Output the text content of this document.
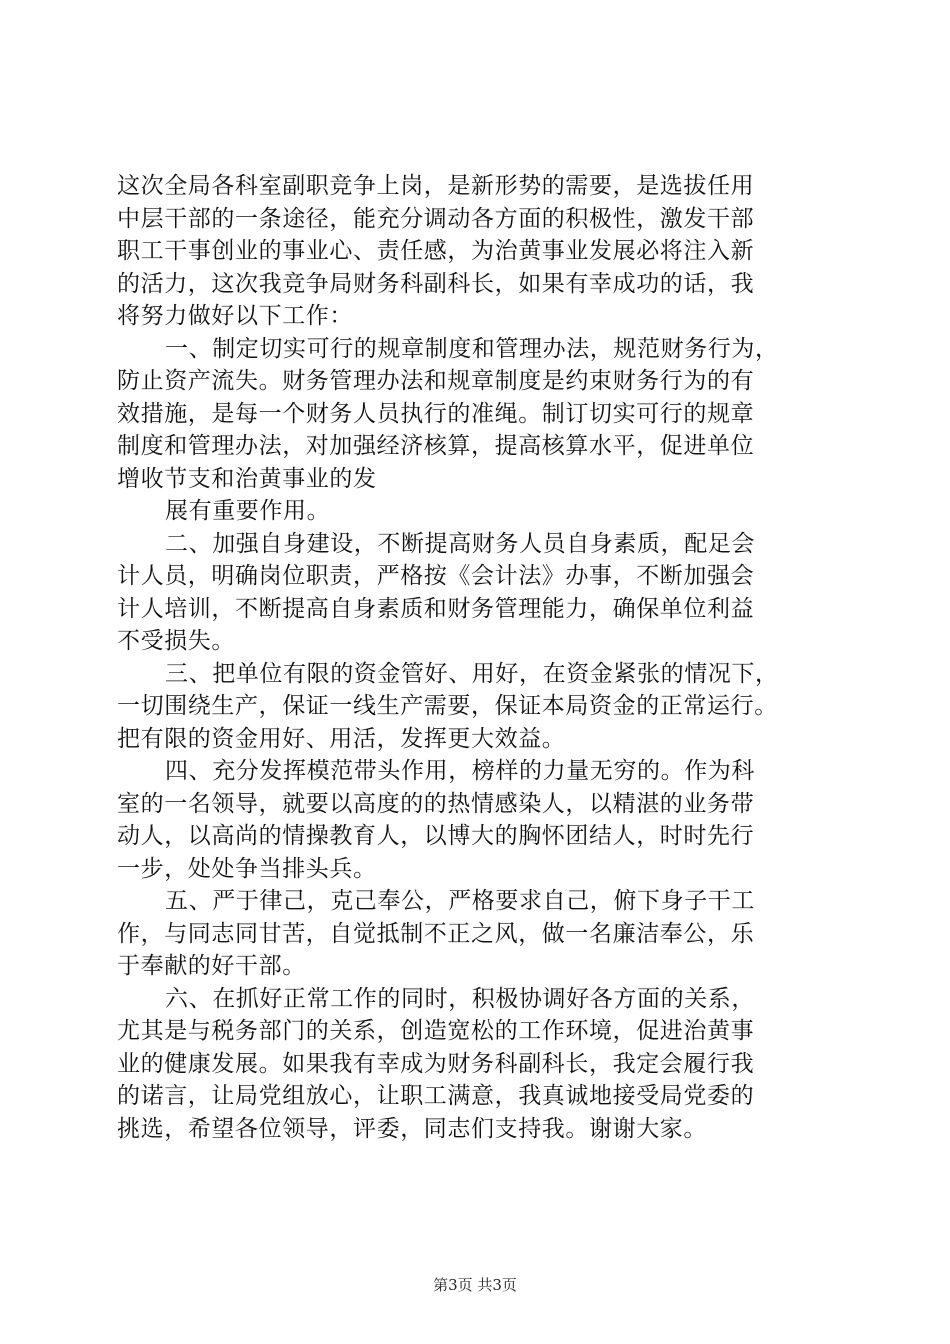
这次全局各科室副职竞争上岗，是新形势的需要，是选拔任用
中层干部的一条途径，能充分调动各方面的积极性，激发干部
职工干事创业的事业心、责任感，为治黄事业发展必将注入新
的活力，这次我竞争局财务科副科长，如果有幸成功的话，我
将努力做好以下工作：
一、制定切实可行的规章制度和管理办法，规范财务行为，
防止资产流失。财务管理办法和规章制度是约束财务行为的有
效措施，是每一个财务人员执行的准绳。制订切实可行的规章
制度和管理办法，对加强经济核算，提高核算水平，促进单位
增收节支和治黄事业的发
展有重要作用。
二、加强自身建设，不断提高财务人员自身素质，配足会
计人员，明确岗位职责，严格按《会计法》办事，不断加强会
计人培训，不断提高自身素质和财务管理能力，确保单位利益
不受损失。
三、把单位有限的资金管好、用好，在资金紧张的情况下，
一切围绕生产，保证一线生产需要，保证本局资金的正常运行。
把有限的资金用好、用活，发挥更大效益。
四、充分发挥模范带头作用，榜样的力量无穷的。作为科
室的一名领导，就要以高度的的热情感染人，以精湛的业务带
动人，以高尚的情操教育人，以博大的胸怀团结人，时时先行
一步，处处争当排头兵。
五、严于律己，克己奉公，严格要求自己，俯下身子干工
作，与同志同甘苦，自觉抵制不正之风，做一名廉洁奉公，乐
于奉献的好干部。
六、在抓好正常工作的同时，积极协调好各方面的关系，
尤其是与税务部门的关系，创造宽松的工作环境，促进治黄事
业的健康发展。如果我有幸成为财务科副科长，我定会履行我
的诺言，让局党组放心，让职工满意，我真诚地接受局党委的
挑选，希望各位领导，评委，同志们支持我。谢谢大家。
第3页 共3页
